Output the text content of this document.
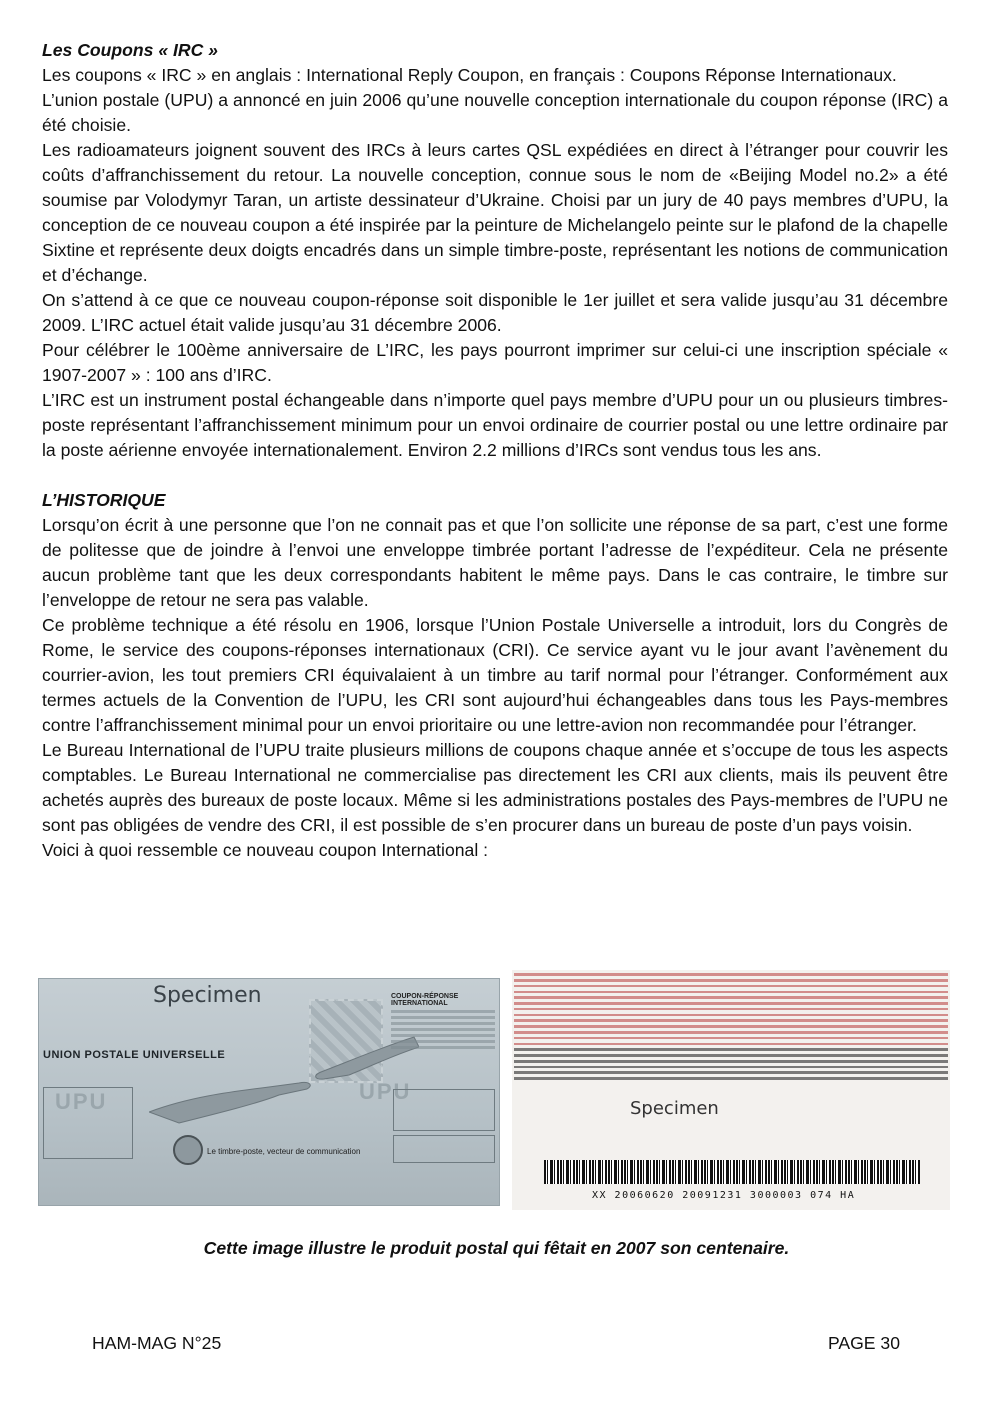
Les Coupons « IRC »

Les coupons « IRC » en anglais : International Reply Coupon, en français : Coupons Réponse Internationaux.

L’union postale (UPU) a annoncé en juin 2006 qu’une nouvelle conception internationale du coupon réponse (IRC) a été choisie.

Les radioamateurs joignent souvent des IRCs à leurs cartes QSL expédiées en direct à l’étranger pour couvrir les coûts d’affranchissement du retour. La nouvelle conception, connue sous le nom de «Beijing Model no.2» a été soumise par Volodymyr Taran, un artiste dessinateur d’Ukraine. Choisi par un jury de 40 pays membres d’UPU, la conception de ce nouveau coupon a été inspirée par la peinture de Michelangelo peinte sur le plafond de la chapelle Sixtine et représente deux doigts encadrés dans un simple timbre-poste, représentant les notions de communication et d’échange.

On s’attend à ce que ce nouveau coupon-réponse soit disponible le 1er juillet et sera valide jusqu’au 31 décembre 2009. L’IRC actuel était valide jusqu’au 31 décembre 2006.

Pour célébrer le 100ème anniversaire de L’IRC, les pays pourront imprimer sur celui-ci une inscription spéciale « 1907-2007 » : 100 ans d’IRC.

L’IRC est un instrument postal échangeable dans n’importe quel pays membre d’UPU pour un ou plusieurs timbres-poste représentant l’affranchissement minimum pour un envoi ordinaire de courrier postal ou une lettre ordinaire par la poste aérienne envoyée internationalement. Environ 2.2 millions d’IRCs sont vendus tous les ans.

L’HISTORIQUE

Lorsqu’on écrit à une personne que l’on ne connait pas et que l’on sollicite une réponse de sa part, c’est une forme de politesse que de joindre à l’envoi une enveloppe timbrée portant l’adresse de l’expéditeur. Cela ne présente aucun problème tant que les deux correspondants habitent le même pays. Dans le cas contraire, le timbre sur l’enveloppe de retour ne sera pas valable.

Ce problème technique a été résolu en 1906, lorsque l’Union Postale Universelle a introduit, lors du Congrès de Rome, le service des coupons-réponses internationaux (CRI). Ce service ayant vu le jour avant l’avènement du courrier-avion, les tout premiers CRI équivalaient à un timbre au tarif normal pour l’étranger. Conformément aux termes actuels de la Convention de l’UPU, les CRI sont aujourd’hui échangeables dans tous les Pays-membres contre l’affranchissement minimal pour un envoi prioritaire ou une lettre-avion non recommandée pour l’étranger.

Le Bureau International de l’UPU traite plusieurs millions de coupons chaque année et s’occupe de tous les aspects comptables. Le Bureau International ne commercialise pas directement les CRI aux clients, mais ils peuvent être achetés auprès des bureaux de poste locaux. Même si les administrations postales des Pays-membres de l’UPU ne sont pas obligées de vendre des CRI, il est possible de s’en procurer dans un bureau de poste d’un pays voisin.

Voici à quoi ressemble ce nouveau coupon International :

Specimen
UNION POSTALE UNIVERSELLE
UPU	UPU
COUPON-RÉPONSE INTERNATIONAL
Le timbre-poste, vecteur de communication
Specimen
XX 20060620 20091231 3000003 074 HA
Cette image illustre le produit postal qui fêtait en 2007 son centenaire.
HAM-MAG N°25	PAGE 30
